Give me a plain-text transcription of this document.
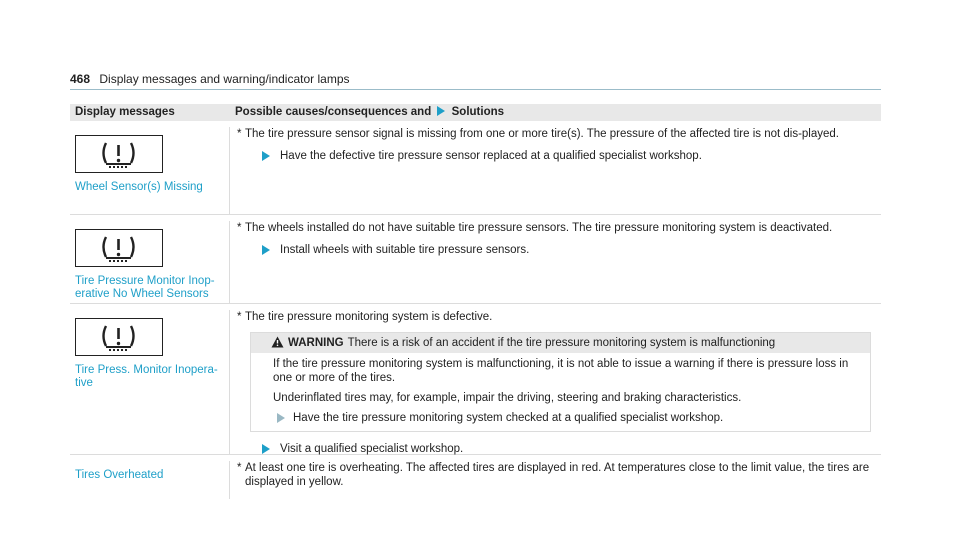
468 Display messages and warning/indicator lamps
Display messages	Possible causes/consequences and Solutions
Wheel Sensor(s) Missing
* The tire pressure sensor signal is missing from one or more tire(s). The pressure of the affected tire is not dis-played.
Have the defective tire pressure sensor replaced at a qualified specialist workshop.
Tire Pressure Monitor Inop-erative No Wheel Sensors
* The wheels installed do not have suitable tire pressure sensors. The tire pressure monitoring system is deactivated.
Install wheels with suitable tire pressure sensors.
Tire Press. Monitor Inopera-tive
* The tire pressure monitoring system is defective.
WARNING There is a risk of an accident if the tire pressure monitoring system is malfunctioning

If the tire pressure monitoring system is malfunctioning, it is not able to issue a warning if there is pressure loss in one or more of the tires.

Underinflated tires may, for example, impair the driving, steering and braking characteristics.

Have the tire pressure monitoring system checked at a qualified specialist workshop.
Visit a qualified specialist workshop.
Tires Overheated
* At least one tire is overheating. The affected tires are displayed in red. At temperatures close to the limit value, the tires are displayed in yellow.
